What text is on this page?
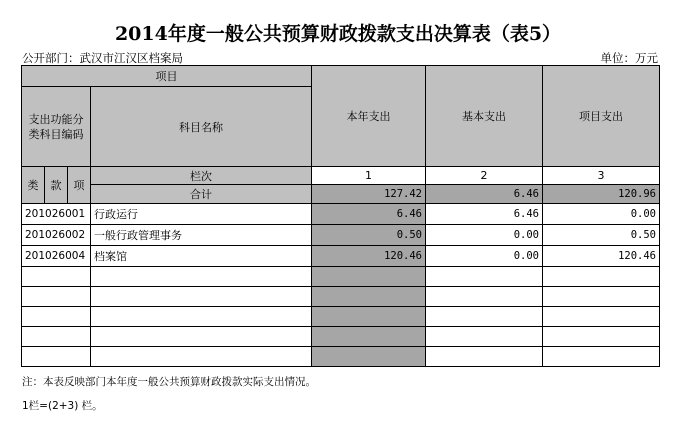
2014年度一般公共预算财政拨款支出决算表（表5）
公开部门：武汉市江汉区档案局	单位：万元
项目				本年支出	基本支出	项目支出
支出功能分类科目编码			科目名称			

类	款	项	栏次	1	2	3
			合计	127.42	6.46	120.96
201026001			行政运行	6.46	6.46	0.00
201026002			一般行政管理事务	0.50	0.00	0.50
201026004			档案馆	120.46	0.00	120.46

注：本表反映部门本年度一般公共预算财政拨款实际支出情况。
1栏=(2+3) 栏。
